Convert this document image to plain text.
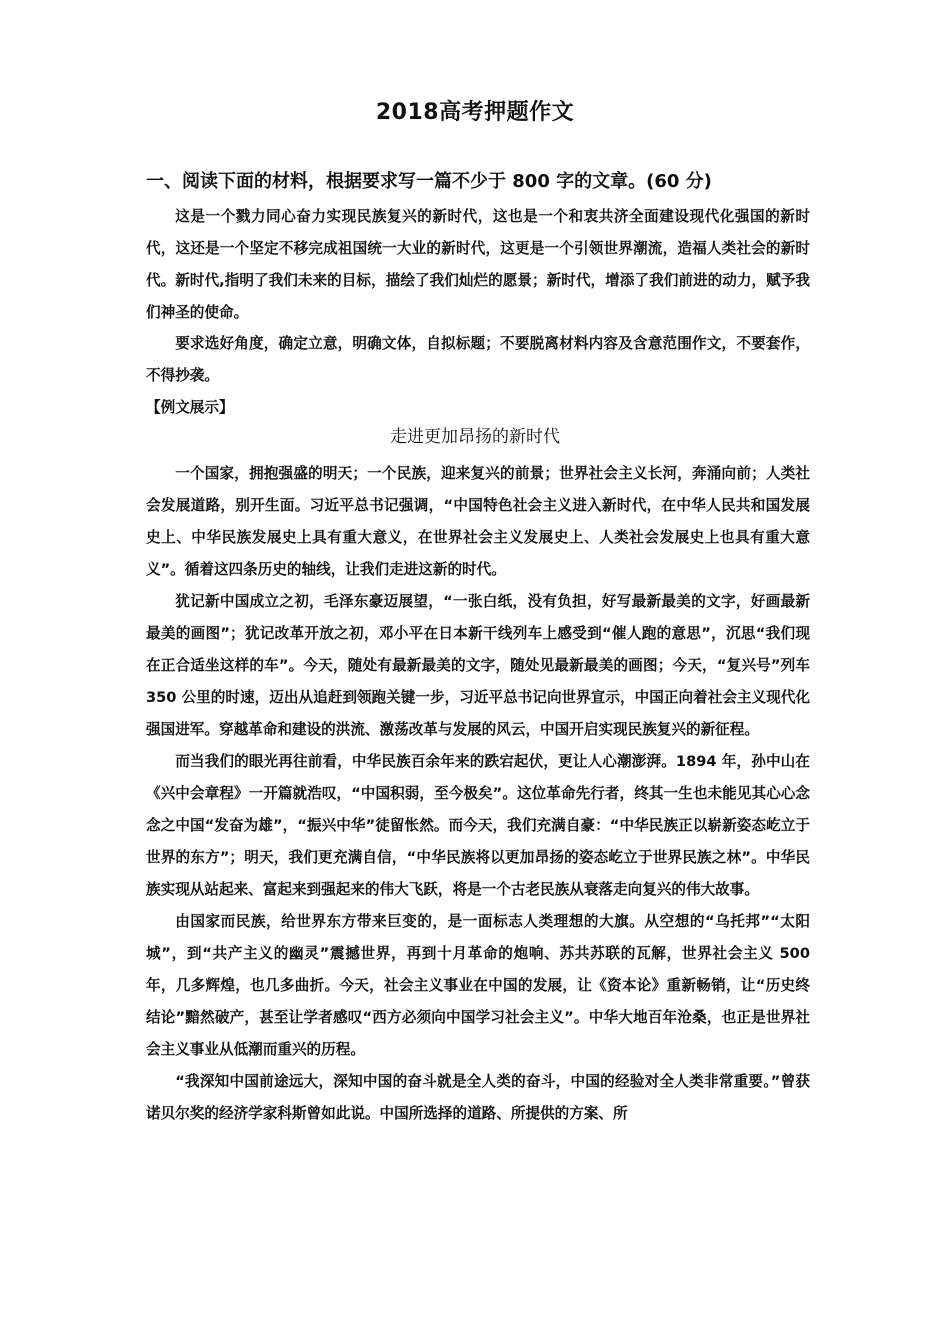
2018高考押题作文
一、阅读下面的材料，根据要求写一篇不少于 800 字的文章。(60 分)

这是一个戮力同心奋力实现民族复兴的新时代，这也是一个和衷共济全面建设现代化强国的新时代，这还是一个坚定不移完成祖国统一大业的新时代，这更是一个引领世界潮流，造福人类社会的新时代。新时代,指明了我们未来的目标，描绘了我们灿烂的愿景；新时代，增添了我们前进的动力，赋予我们神圣的使命。

要求选好角度，确定立意，明确文体，自拟标题；不要脱离材料内容及含意范围作文，不要套作，不得抄袭。

【例文展示】
走进更加昂扬的新时代

一个国家，拥抱强盛的明天；一个民族，迎来复兴的前景；世界社会主义长河，奔涌向前；人类社会发展道路，别开生面。习近平总书记强调，“中国特色社会主义进入新时代，在中华人民共和国发展史上、中华民族发展史上具有重大意义，在世界社会主义发展史上、人类社会发展史上也具有重大意义”。循着这四条历史的轴线，让我们走进这新的时代。

犹记新中国成立之初，毛泽东豪迈展望，“一张白纸，没有负担，好写最新最美的文字，好画最新最美的画图”；犹记改革开放之初，邓小平在日本新干线列车上感受到“催人跑的意思”，沉思“我们现在正合适坐这样的车”。今天，随处有最新最美的文字，随处见最新最美的画图；今天，“复兴号”列车 350 公里的时速，迈出从追赶到领跑关键一步，习近平总书记向世界宣示，中国正向着社会主义现代化强国进军。穿越革命和建设的洪流、激荡改革与发展的风云，中国开启实现民族复兴的新征程。

而当我们的眼光再往前看，中华民族百余年来的跌宕起伏，更让人心潮澎湃。1894 年，孙中山在《兴中会章程》一开篇就浩叹，“中国积弱，至今极矣”。这位革命先行者，终其一生也未能见其心心念念之中国“发奋为雄”，“振兴中华”徒留怅然。而今天，我们充满自豪：“中华民族正以崭新姿态屹立于世界的东方”；明天，我们更充满自信，“中华民族将以更加昂扬的姿态屹立于世界民族之林”。中华民族实现从站起来、富起来到强起来的伟大飞跃，将是一个古老民族从衰落走向复兴的伟大故事。

由国家而民族，给世界东方带来巨变的，是一面标志人类理想的大旗。从空想的“乌托邦”“太阳城”，到“共产主义的幽灵”震撼世界，再到十月革命的炮响、苏共苏联的瓦解，世界社会主义 500 年，几多辉煌，也几多曲折。今天，社会主义事业在中国的发展，让《资本论》重新畅销，让“历史终结论”黯然破产，甚至让学者感叹“西方必须向中国学习社会主义”。中华大地百年沧桑，也正是世界社会主义事业从低潮而重兴的历程。

“我深知中国前途远大，深知中国的奋斗就是全人类的奋斗，中国的经验对全人类非常重要。”曾获诺贝尔奖的经济学家科斯曾如此说。中国所选择的道路、所提供的方案、所
